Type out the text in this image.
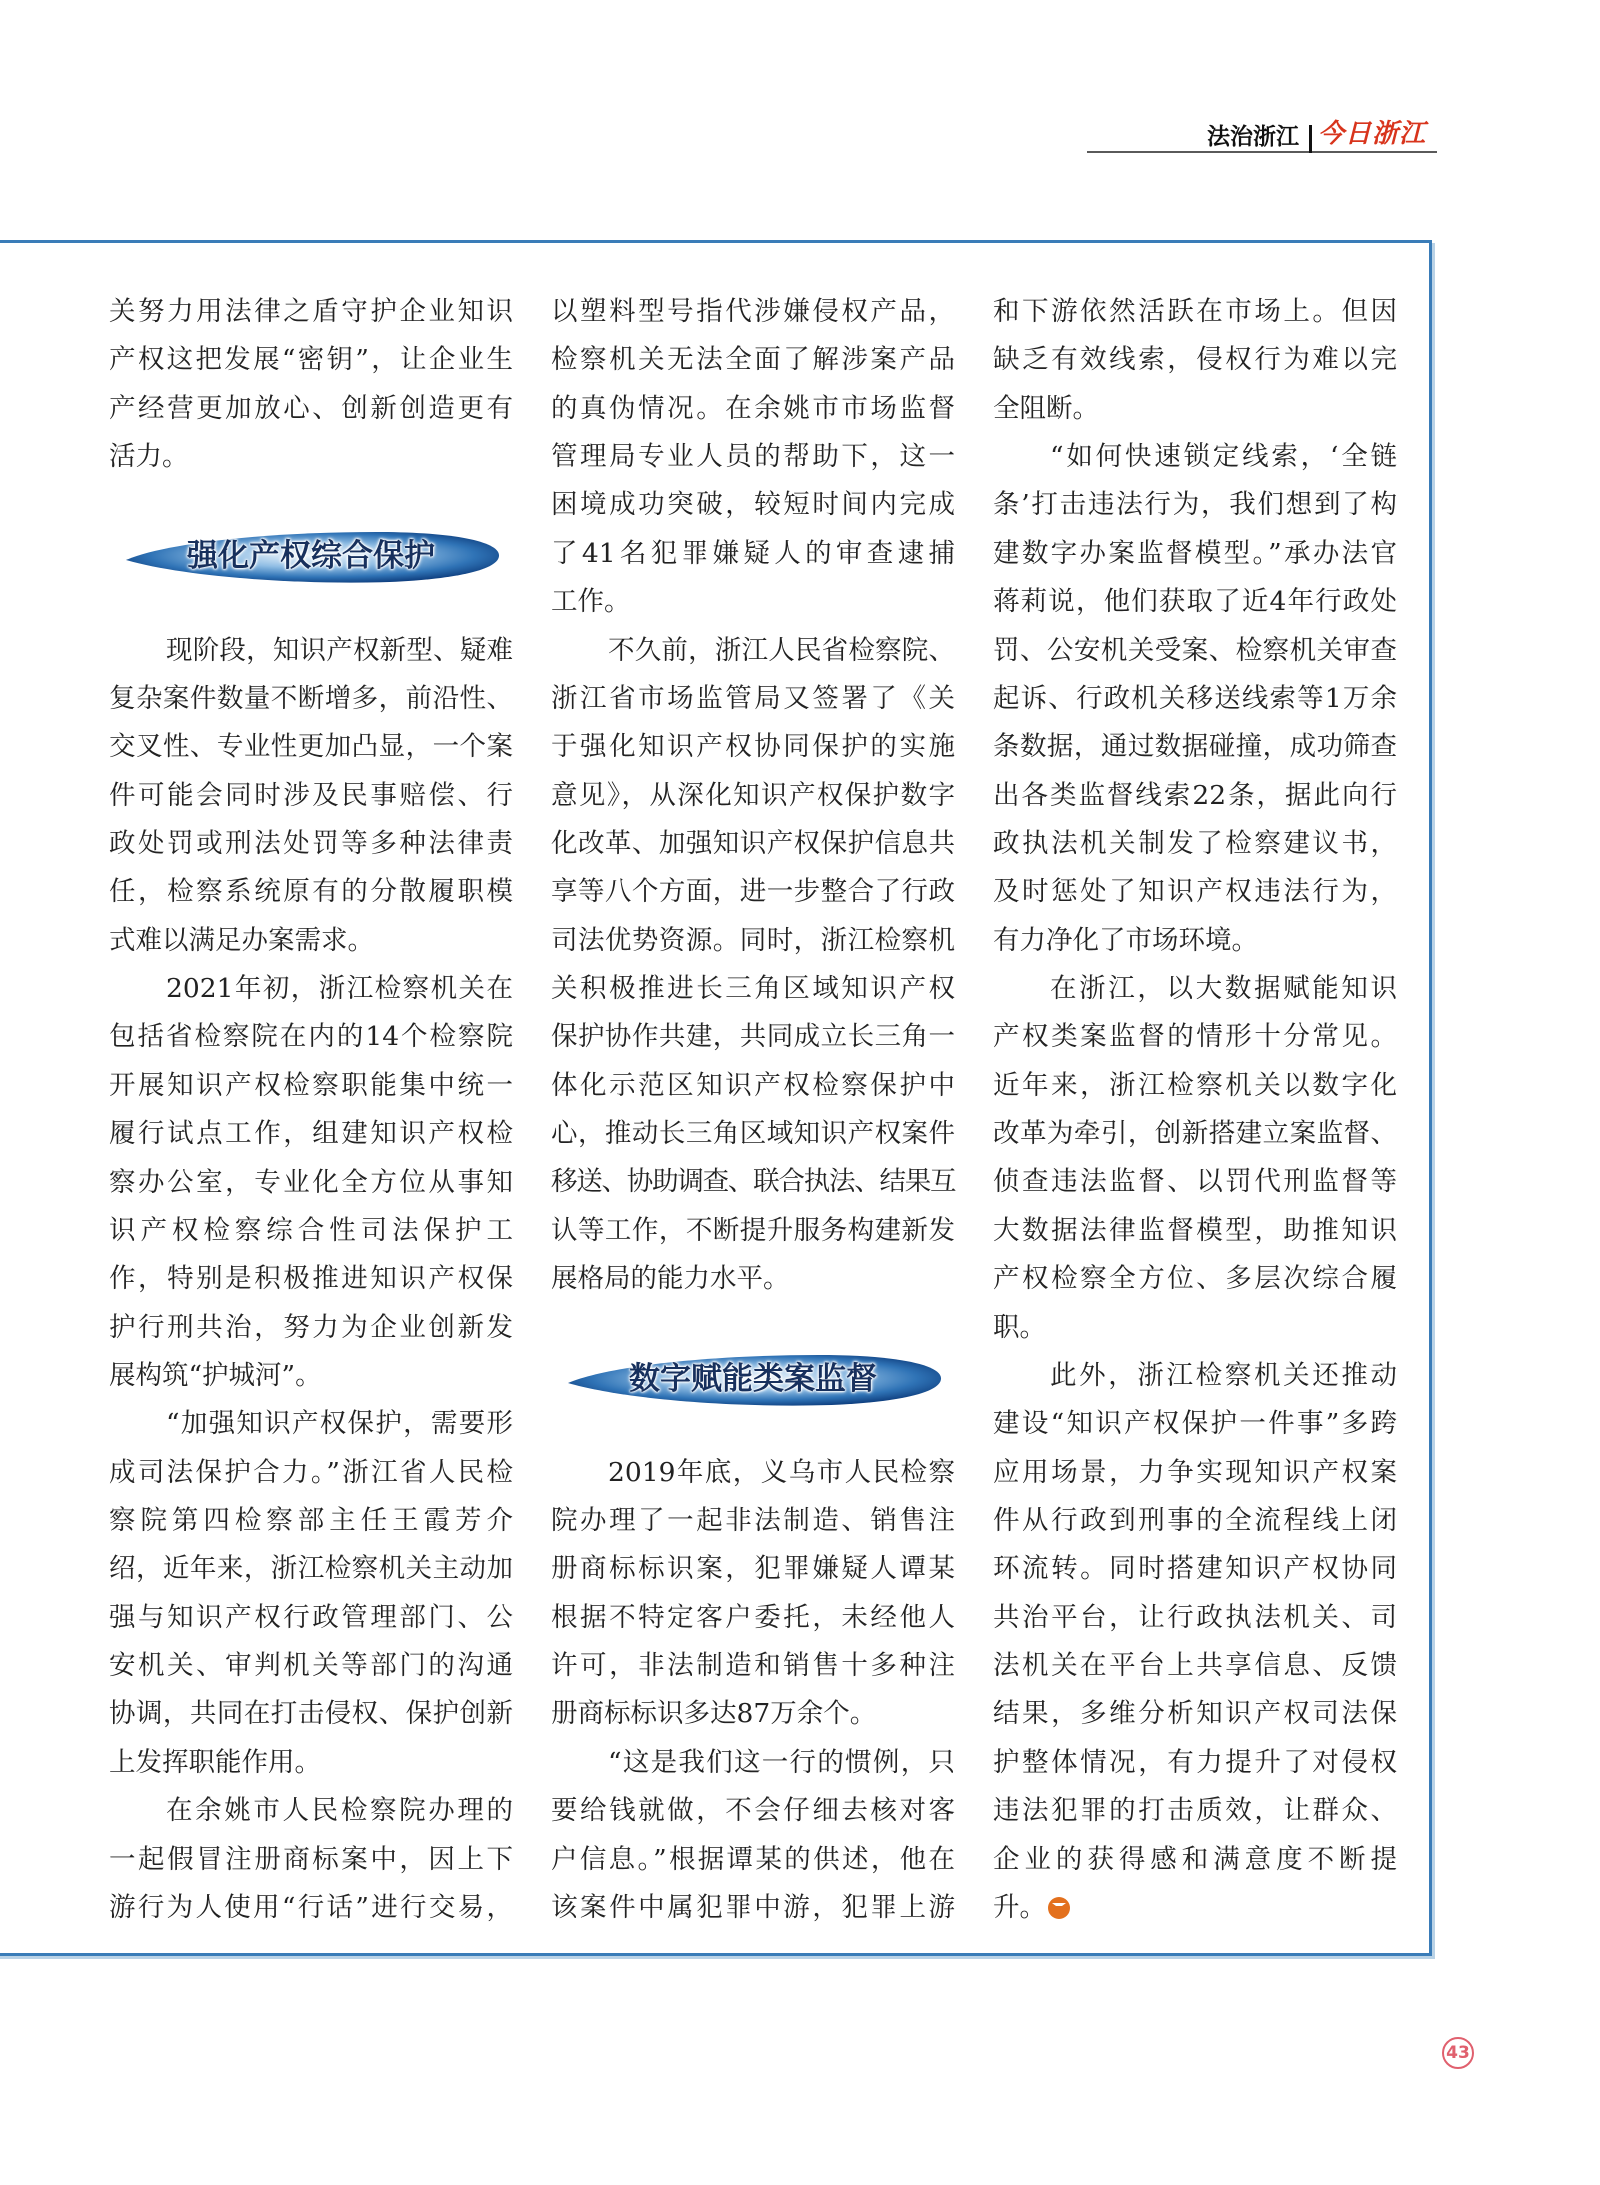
法治浙江 今日浙江
关努力用法律之盾守护企业知识
产权这把发展“密钥”，让企业生
产经营更加放心、创新创造更有
活力。
强化产权综合保护
现阶段，知识产权新型、疑难
复杂案件数量不断增多，前沿性、
交叉性、专业性更加凸显，一个案
件可能会同时涉及民事赔偿、行
政处罚或刑法处罚等多种法律责
任，检察系统原有的分散履职模
式难以满足办案需求。
2021年初，浙江检察机关在
包括省检察院在内的14个检察院
开展知识产权检察职能集中统一
履行试点工作，组建知识产权检
察办公室，专业化全方位从事知
识产权检察综合性司法保护工
作，特别是积极推进知识产权保
护行刑共治，努力为企业创新发
展构筑“护城河”。
“加强知识产权保护，需要形
成司法保护合力。”浙江省人民检
察院第四检察部主任王霞芳介
绍，近年来，浙江检察机关主动加
强与知识产权行政管理部门、公
安机关、审判机关等部门的沟通
协调，共同在打击侵权、保护创新
上发挥职能作用。
在余姚市人民检察院办理的
一起假冒注册商标案中，因上下
游行为人使用“行话”进行交易，
以塑料型号指代涉嫌侵权产品，
检察机关无法全面了解涉案产品
的真伪情况。在余姚市市场监督
管理局专业人员的帮助下，这一
困境成功突破，较短时间内完成
了41名犯罪嫌疑人的审查逮捕
工作。
不久前，浙江人民省检察院、
浙江省市场监管局又签署了《关
于强化知识产权协同保护的实施
意见》，从深化知识产权保护数字
化改革、加强知识产权保护信息共
享等八个方面，进一步整合了行政
司法优势资源。同时，浙江检察机
关积极推进长三角区域知识产权
保护协作共建，共同成立长三角一
体化示范区知识产权检察保护中
心，推动长三角区域知识产权案件
移送、协助调查、联合执法、结果互
认等工作，不断提升服务构建新发
展格局的能力水平。
数字赋能类案监督
2019年底，义乌市人民检察
院办理了一起非法制造、销售注
册商标标识案，犯罪嫌疑人谭某
根据不特定客户委托，未经他人
许可，非法制造和销售十多种注
册商标标识多达87万余个。
“这是我们这一行的惯例，只
要给钱就做，不会仔细去核对客
户信息。”根据谭某的供述，他在
该案件中属犯罪中游，犯罪上游
和下游依然活跃在市场上。但因
缺乏有效线索，侵权行为难以完
全阻断。
“如何快速锁定线索，‘全链
条’打击违法行为，我们想到了构
建数字办案监督模型。”承办法官
蒋莉说，他们获取了近4年行政处
罚、公安机关受案、检察机关审查
起诉、行政机关移送线索等1万余
条数据，通过数据碰撞，成功筛查
出各类监督线索22条，据此向行
政执法机关制发了检察建议书，
及时惩处了知识产权违法行为，
有力净化了市场环境。
在浙江，以大数据赋能知识
产权类案监督的情形十分常见。
近年来，浙江检察机关以数字化
改革为牵引，创新搭建立案监督、
侦查违法监督、以罚代刑监督等
大数据法律监督模型，助推知识
产权检察全方位、多层次综合履
职。
此外，浙江检察机关还推动
建设“知识产权保护一件事”多跨
应用场景，力争实现知识产权案
件从行政到刑事的全流程线上闭
环流转。同时搭建知识产权协同
共治平台，让行政执法机关、司
法机关在平台上共享信息、反馈
结果，多维分析知识产权司法保
护整体情况，有力提升了对侵权
违法犯罪的打击质效，让群众、
企业的获得感和满意度不断提
升。
43
